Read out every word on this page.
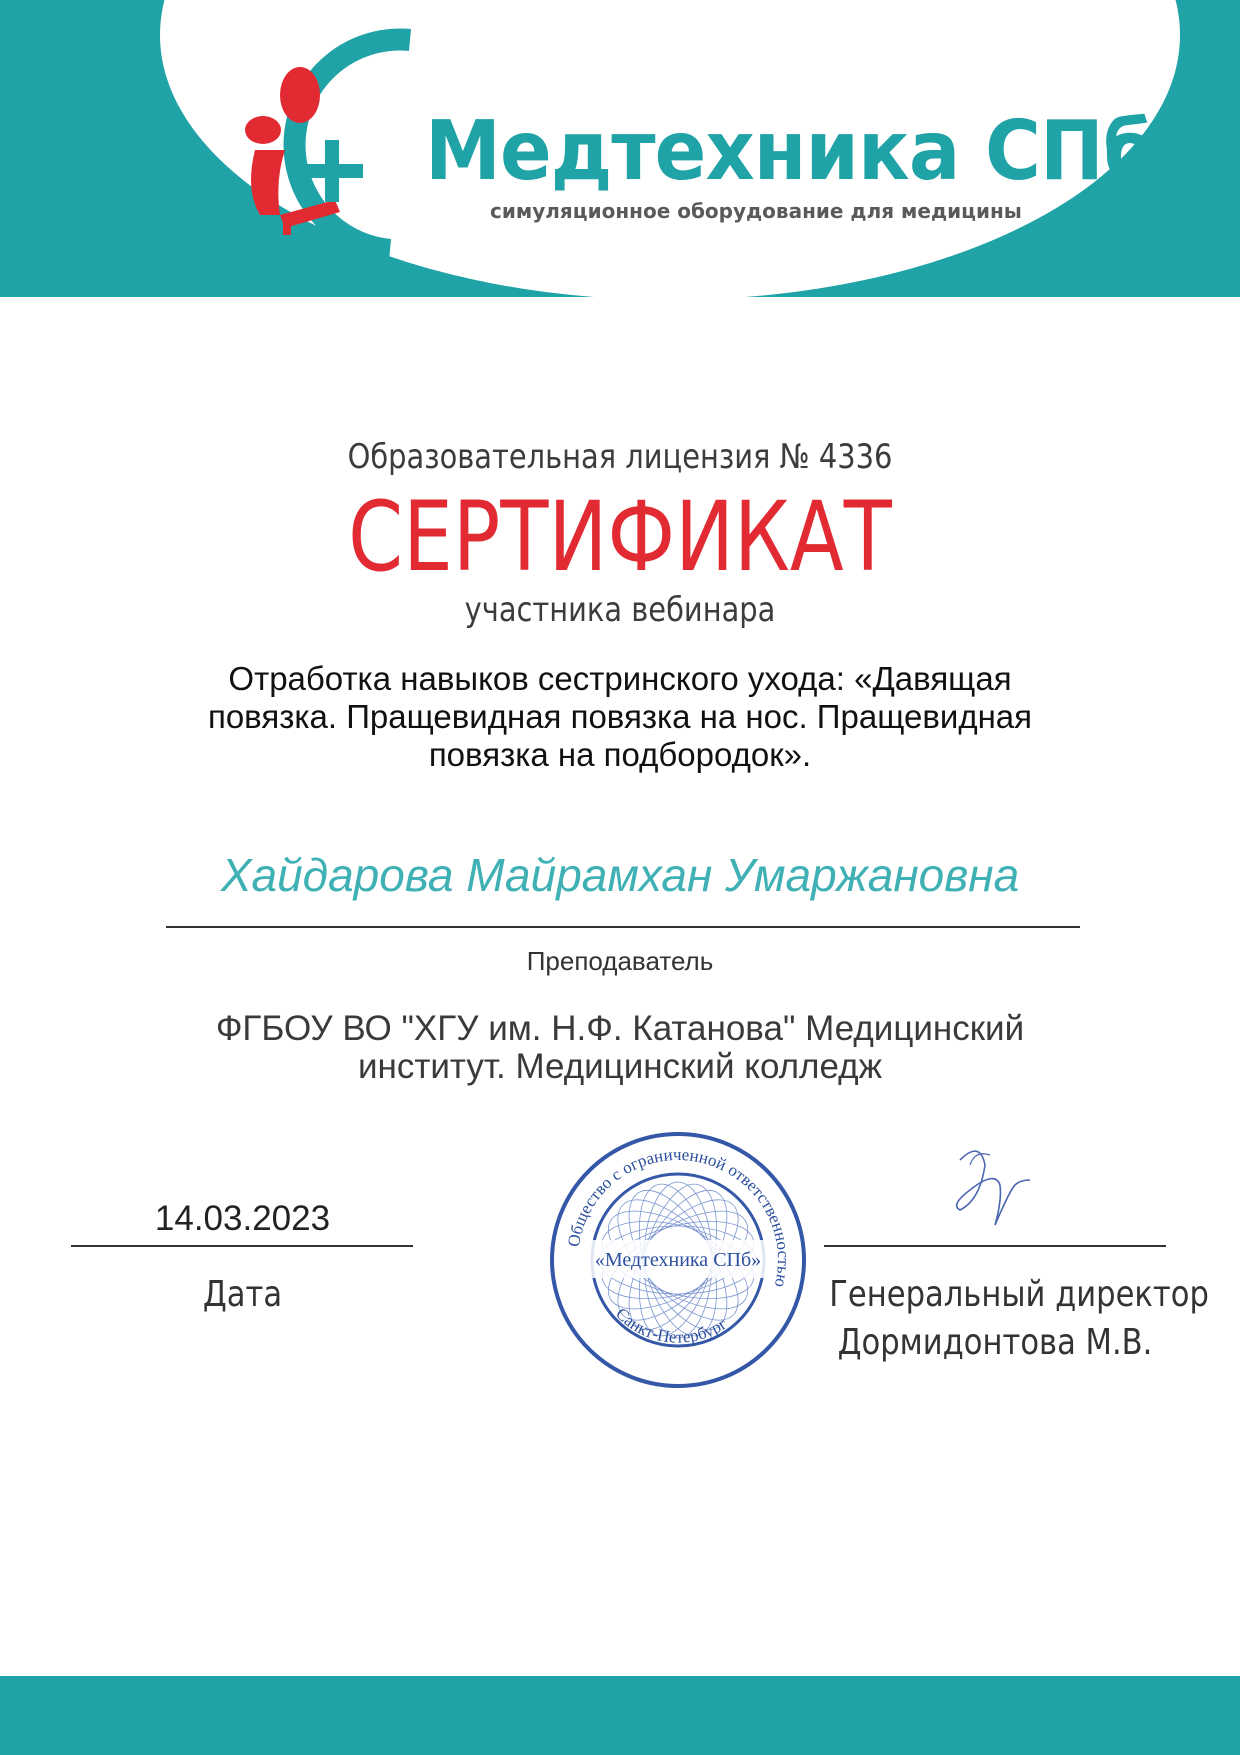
Медтехника СПб
симуляционное оборудование для медицины
Образовательная лицензия № 4336
СЕРТИФИКАТ
участника вебинара
Отработка навыков сестринского ухода: «Давящая повязка. Пращевидная повязка на нос. Пращевидная повязка на подбородок».
Хайдарова Майрамхан Умаржановна
Преподаватель
ФГБОУ ВО "ХГУ им. Н.Ф. Катанова" Медицинский институт. Медицинский колледж
14.03.2023
Дата
«Медтехника СПб»
Общество с ограниченной ответственностью
Санкт-Петербург
Генеральный директор
Дормидонтова М.В.
